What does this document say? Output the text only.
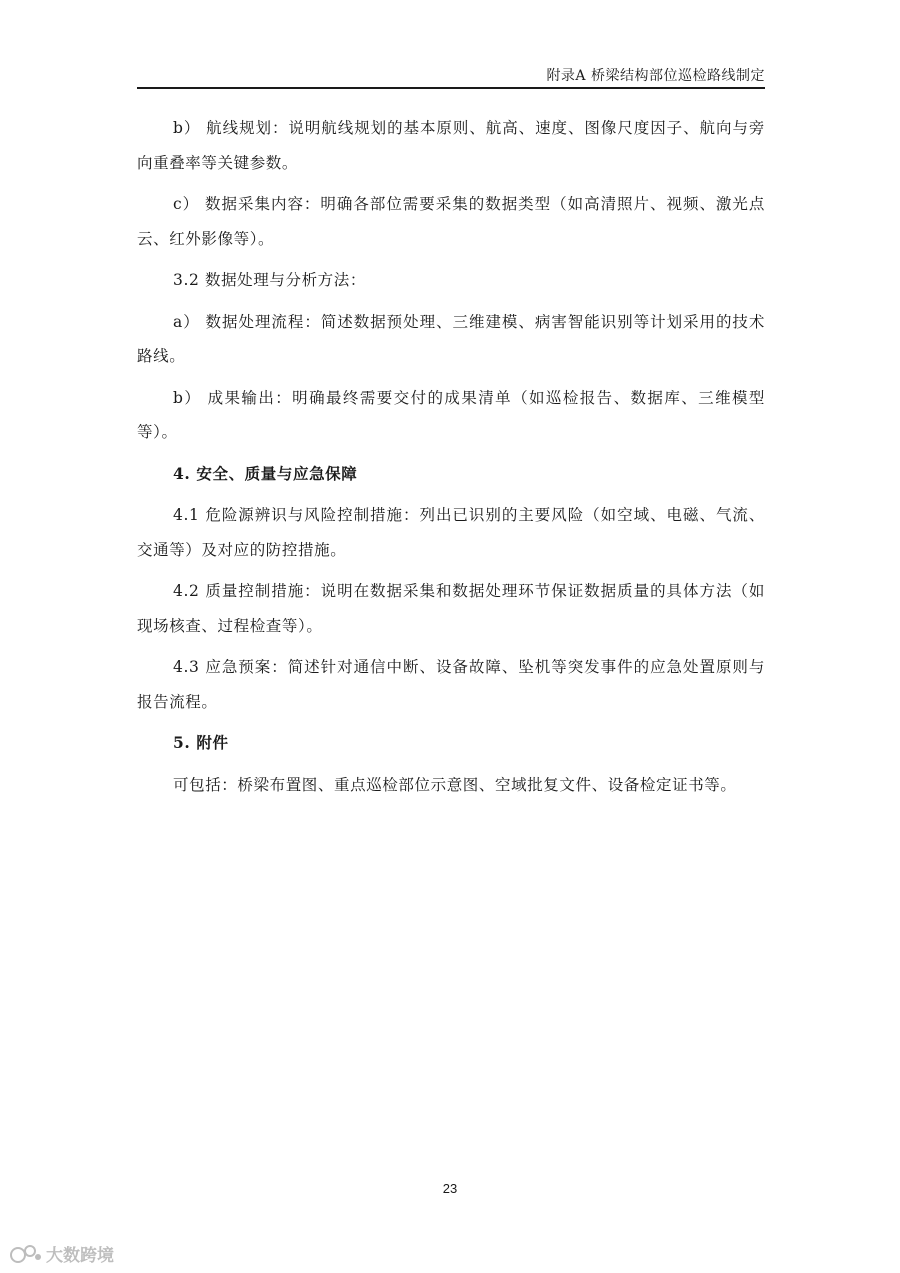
附录A 桥梁结构部位巡检路线制定

b） 航线规划：说明航线规划的基本原则、航高、速度、图像尺度因子、航向与旁向重叠率等关键参数。

c） 数据采集内容：明确各部位需要采集的数据类型（如高清照片、视频、激光点云、红外影像等）。

3.2 数据处理与分析方法：

a） 数据处理流程：简述数据预处理、三维建模、病害智能识别等计划采用的技术路线。

b） 成果输出：明确最终需要交付的成果清单（如巡检报告、数据库、三维模型等）。

4. 安全、质量与应急保障

4.1 危险源辨识与风险控制措施：列出已识别的主要风险（如空域、电磁、气流、交通等）及对应的防控措施。

4.2 质量控制措施：说明在数据采集和数据处理环节保证数据质量的具体方法（如现场核查、过程检查等）。

4.3 应急预案：简述针对通信中断、设备故障、坠机等突发事件的应急处置原则与报告流程。

5. 附件

可包括：桥梁布置图、重点巡检部位示意图、空域批复文件、设备检定证书等。

23
大数跨境
